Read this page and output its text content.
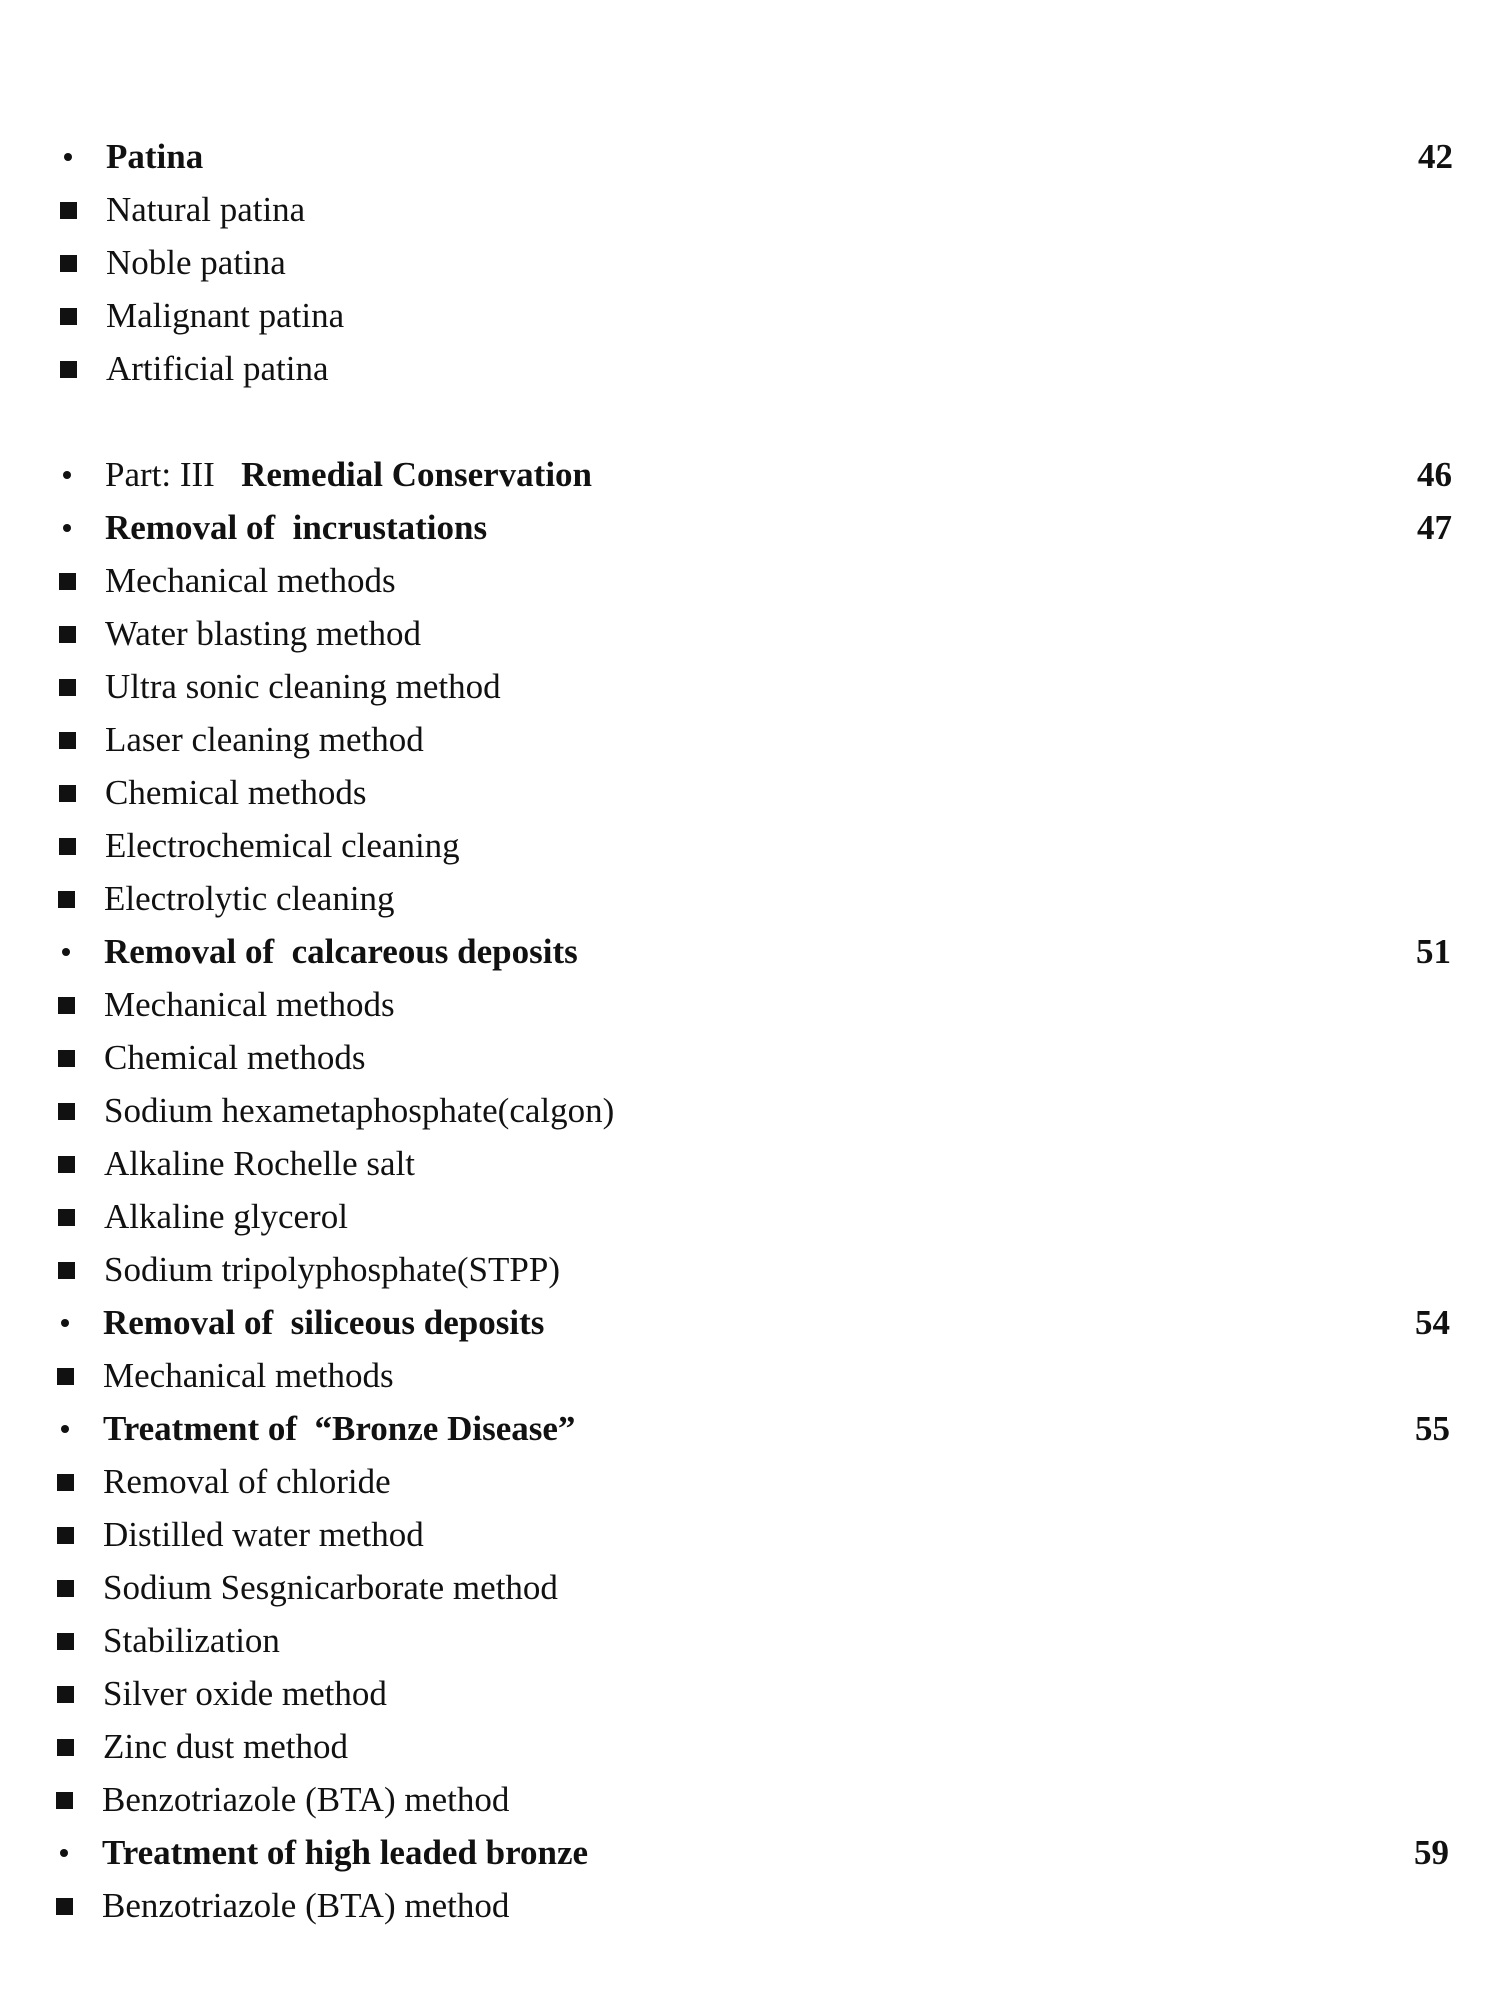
Patina	42
Natural patina
Noble patina
Malignant patina
Artificial patina
Part: III Remedial Conservation	46
Removal of  incrustations	47
Mechanical methods
Water blasting method
Ultra sonic cleaning method
Laser cleaning method
Chemical methods
Electrochemical cleaning
Electrolytic cleaning
Removal of  calcareous deposits	51
Mechanical methods
Chemical methods
Sodium hexametaphosphate(calgon)
Alkaline Rochelle salt
Alkaline glycerol
Sodium tripolyphosphate(STPP)
Removal of  siliceous deposits	54
Mechanical methods
Treatment of  “Bronze Disease”	55
Removal of chloride
Distilled water method
Sodium Sesgnicarborate method
Stabilization
Silver oxide method
Zinc dust method
Benzotriazole (BTA) method
Treatment of high leaded bronze	59
Benzotriazole (BTA) method
